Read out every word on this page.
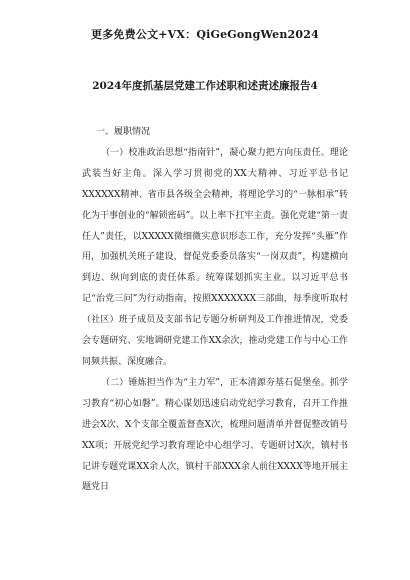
更多免费公文+VX：QiGeGongWen2024
2024年度抓基层党建工作述职和述责述廉报告4
一、履职情况

（一）校准政治思想“指南针”，凝心聚力把方向压责任。理论武装当好主角。深入学习贯彻党的XX大精神、习近平总书记XXXXXX精神、省市县各级全会精神，将理论学习的“一脉相承”转化为干事创业的“解锁密码”。以上率下扛牢主责。强化党建“第一责任人”责任，以XXXXX微细微实意识形态工作，充分发挥“头雁”作用，加强机关班子建设，督促党委委员落实“一岗双责”，构建横向到边、纵向到底的责任体系。统筹谋划抓实主业。以习近平总书记“治党三问”为行动指南，按照XXXXXXX三部曲，每季度听取村（社区）班子成员及支部书记专题分析研判及工作推进情况，党委会专题研究、实地调研党建工作XX余次，推动党建工作与中心工作同频共振、深度融合。

（二）锤炼担当作为“主力军”，正本清源夯基石促堡垒。抓学习教育“初心如磐”。精心谋划迅速启动党纪学习教育，召开工作推进会X次、X个支部全覆盖督查X次，梳理问题清单并督促整改销号XX项；开展党纪学习教育理论中心组学习、专题研讨X次，镇村书记讲专题党课XX余人次，镇村干部XXX余人前往XXXX等地开展主题党日
